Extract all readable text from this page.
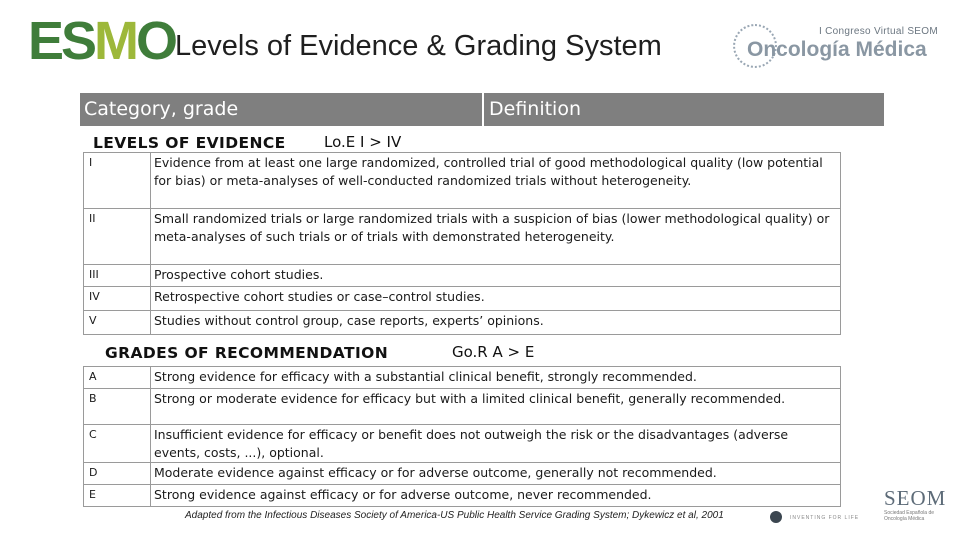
E
S
M O
Levels of Evidence & Grading System	I Congreso Virtual SEOM
Oncología Médica
Category, grade	Definition
LEVELS OF EVIDENCE	Lo.E I > IV
I	Evidence from at least one large randomized, controlled trial of good methodological quality (low potential for bias) or meta-analyses of well-conducted randomized trials without heterogeneity.
II	Small randomized trials or large randomized trials with a suspicion of bias (lower methodological quality) or meta-analyses of such trials or of trials with demonstrated heterogeneity.
III	Prospective cohort studies.
IV	Retrospective cohort studies or case–control studies.
V	Studies without control group, case reports, experts’ opinions.
GRADES OF RECOMMENDATION	Go.R A > E
A	Strong evidence for efficacy with a substantial clinical benefit, strongly recommended.
B	Strong or moderate evidence for efficacy but with a limited clinical benefit, generally recommended.
C	Insufficient evidence for efficacy or benefit does not outweigh the risk or the disadvantages (adverse events, costs, ...), optional.
D	Moderate evidence against efficacy or for adverse outcome, generally not recommended.
E	Strong evidence against efficacy or for adverse outcome, never recommended.
Adapted from the Infectious Diseases Society of America-US Public Health Service Grading System; Dykewicz et al, 2001	INVENTING FOR LIFE
SEOM
Sociedad Española de Oncología Médica
